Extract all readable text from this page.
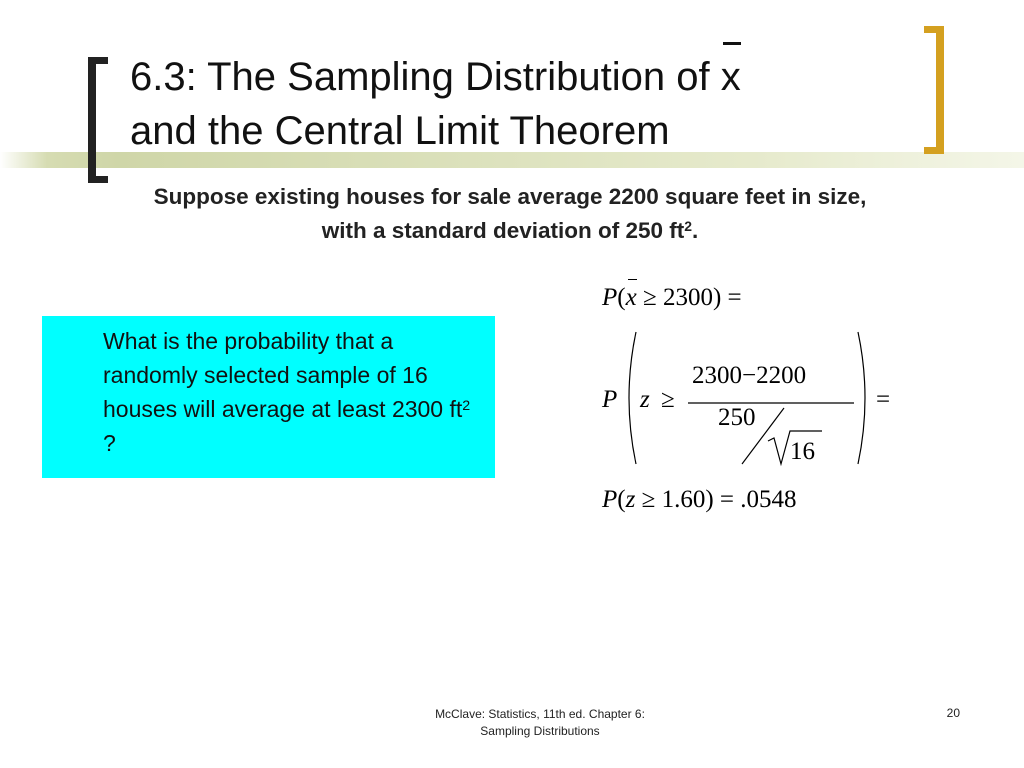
6.3: The Sampling Distribution of x
and the Central Limit Theorem
Suppose existing houses for sale average 2200 square feet in size, with a standard deviation of 250 $ft^2$.
What is the probability that a randomly selected sample of 16 houses will average at least 2300 $ft^2$ ?
P(x ≥ 2300) =
P z ≥
2300−2200
250
16
=
P(z ≥ 1.60) = .0548
McClave: Statistics, 11th ed. Chapter 6:
Sampling Distributions
20
